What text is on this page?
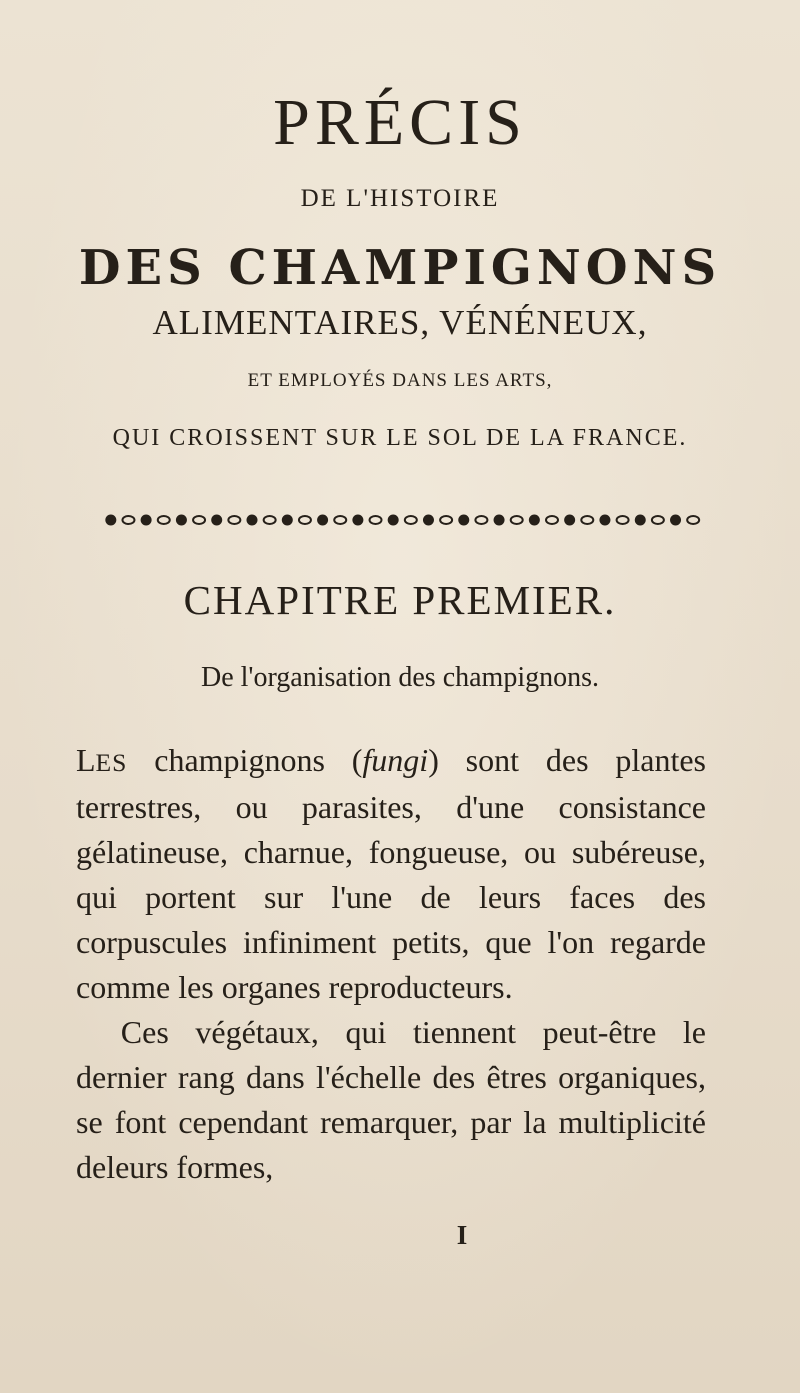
PRÉCIS
DE L'HISTOIRE
DES CHAMPIGNONS
ALIMENTAIRES, VÉNÉNEUX,
ET EMPLOYÉS DANS LES ARTS,
QUI CROISSENT SUR LE SOL DE LA FRANCE.
CHAPITRE PREMIER.
De l'organisation des champignons.

LES champignons (fungi) sont des plantes terrestres, ou parasites, d'une consistance gélatineuse, charnue, fongueuse, ou subéreuse, qui portent sur l'une de leurs faces des corpuscules infiniment petits, que l'on regarde comme les organes reproducteurs.

Ces végétaux, qui tiennent peut-être le dernier rang dans l'échelle des êtres organiques, se font cependant remarquer, par la multiplicité deleurs formes,

I
